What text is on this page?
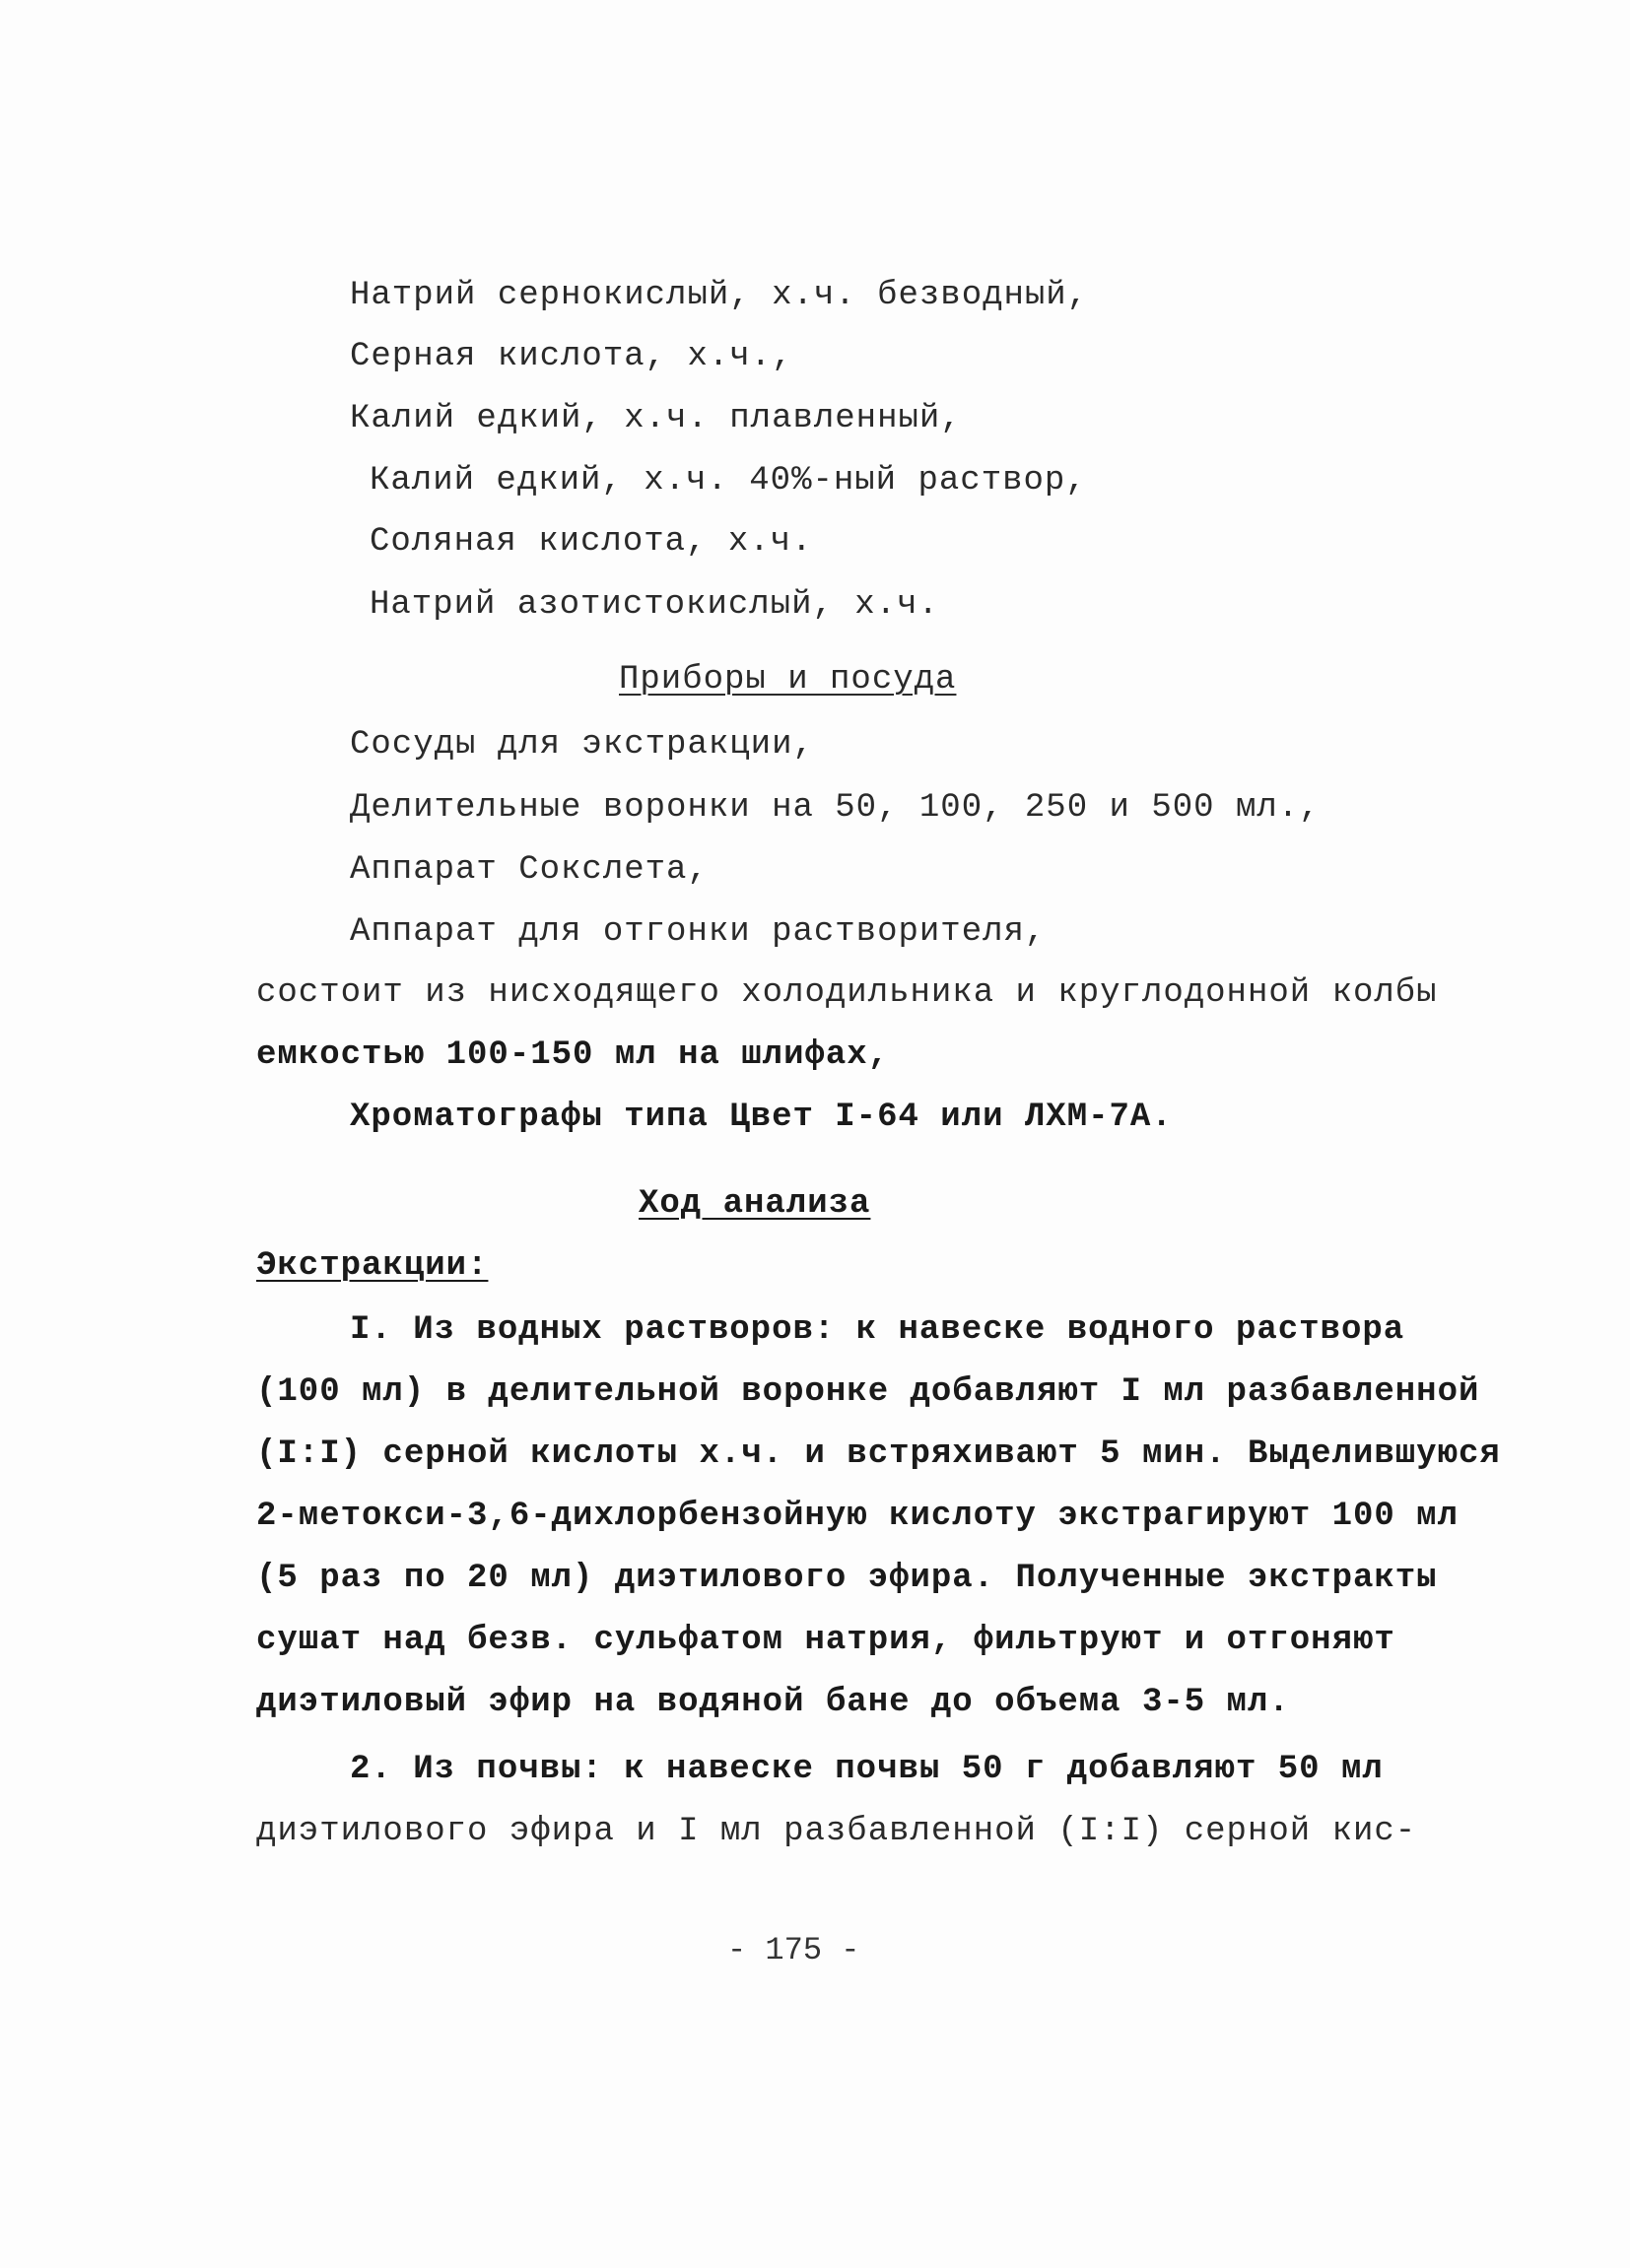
Натрий сернокислый, х.ч. безводный,
Серная кислота, х.ч.,
Калий едкий, х.ч. плавленный,
Калий едкий, х.ч. 40%-ный раствор,
Соляная кислота, х.ч.
Натрий азотистокислый, х.ч.
Приборы и посуда
Сосуды для экстракции,
Делительные воронки на 50, 100, 250 и 500 мл.,
Аппарат Сокслета,
Аппарат для отгонки растворителя,
состоит из нисходящего холодильника и круглодонной колбы
емкостью 100-150 мл на шлифах,
Хроматографы типа Цвет I-64 или ЛХМ-7А.
Ход анализа
Экстракции:
I. Из водных растворов: к навеске водного раствора
(100 мл) в делительной воронке добавляют I мл разбавленной
(I:I) серной кислоты х.ч. и встряхивают 5 мин. Выделившуюся
2-метокси-3,6-дихлорбензойную кислоту экстрагируют 100 мл
(5 раз по 20 мл) диэтилового эфира. Полученные экстракты
сушат над безв. сульфатом натрия, фильтруют и отгоняют
диэтиловый эфир на водяной бане до объема 3-5 мл.
2. Из почвы: к навеске почвы 50 г добавляют 50 мл
диэтилового эфира и I мл разбавленной (I:I) серной кис-
- 175 -
